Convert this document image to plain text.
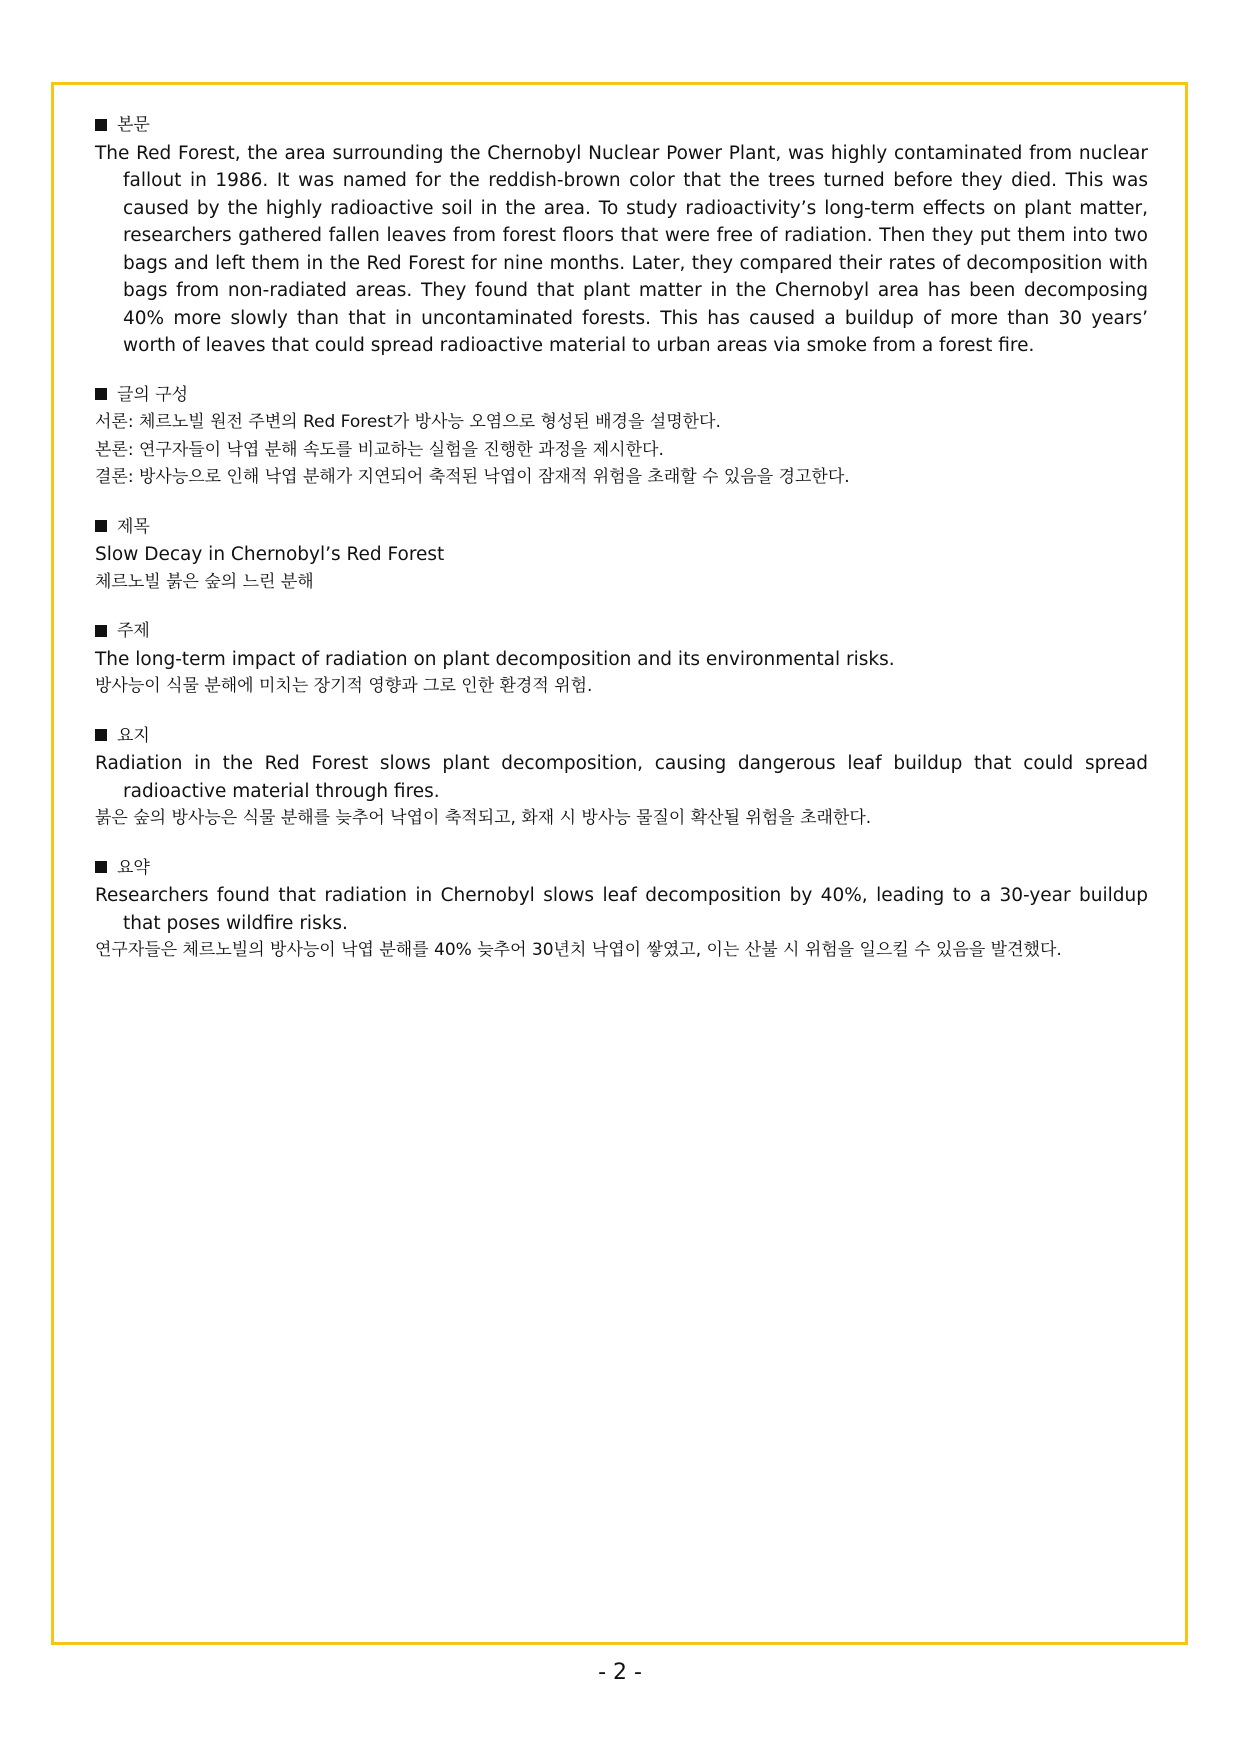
본문
The Red Forest, the area surrounding the Chernobyl Nuclear Power Plant, was highly contaminated from nuclear fallout in 1986. It was named for the reddish-brown color that the trees turned before they died. This was caused by the highly radioactive soil in the area. To study radioactivity’s long-term effects on plant matter, researchers gathered fallen leaves from forest floors that were free of radiation. Then they put them into two bags and left them in the Red Forest for nine months. Later, they compared their rates of decomposition with bags from non-radiated areas. They found that plant matter in the Chernobyl area has been decomposing 40% more slowly than that in uncontaminated forests. This has caused a buildup of more than 30 years’ worth of leaves that could spread radioactive material to urban areas via smoke from a forest fire.
글의 구성
서론: 체르노빌 원전 주변의 Red Forest가 방사능 오염으로 형성된 배경을 설명한다.
본론: 연구자들이 낙엽 분해 속도를 비교하는 실험을 진행한 과정을 제시한다.
결론: 방사능으로 인해 낙엽 분해가 지연되어 축적된 낙엽이 잠재적 위험을 초래할 수 있음을 경고한다.
제목
Slow Decay in Chernobyl’s Red Forest
체르노빌 붉은 숲의 느린 분해
주제
The long-term impact of radiation on plant decomposition and its environmental risks.
방사능이 식물 분해에 미치는 장기적 영향과 그로 인한 환경적 위험.
요지
Radiation in the Red Forest slows plant decomposition, causing dangerous leaf buildup that could spread radioactive material through fires.
붉은 숲의 방사능은 식물 분해를 늦추어 낙엽이 축적되고, 화재 시 방사능 물질이 확산될 위험을 초래한다.
요약
Researchers found that radiation in Chernobyl slows leaf decomposition by 40%, leading to a 30-year buildup that poses wildfire risks.
연구자들은 체르노빌의 방사능이 낙엽 분해를 40% 늦추어 30년치 낙엽이 쌓였고, 이는 산불 시 위험을 일으킬 수 있음을 발견했다.
- 2 -
